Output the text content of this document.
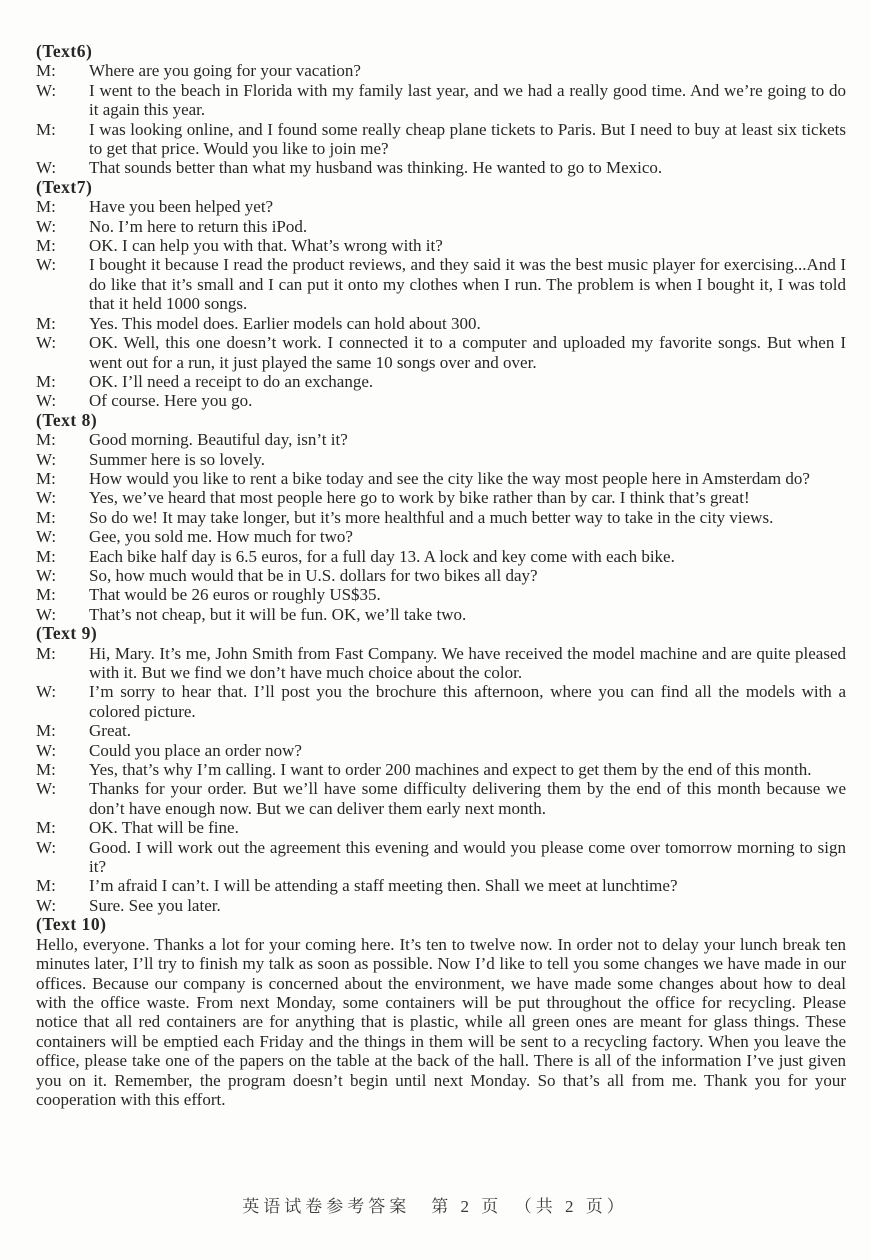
(Text6)
M: Where are you going for your vacation?
W: I went to the beach in Florida with my family last year, and we had a really good time. And we’re going to do it again this year.
M: I was looking online, and I found some really cheap plane tickets to Paris. But I need to buy at least six tickets to get that price. Would you like to join me?
W: That sounds better than what my husband was thinking. He wanted to go to Mexico.
(Text7)
M: Have you been helped yet?
W: No. I’m here to return this iPod.
M: OK. I can help you with that. What’s wrong with it?
W: I bought it because I read the product reviews, and they said it was the best music player for exercising...And I do like that it’s small and I can put it onto my clothes when I run. The problem is when I bought it, I was told that it held 1000 songs.
M: Yes. This model does. Earlier models can hold about 300.
W: OK. Well, this one doesn’t work. I connected it to a computer and uploaded my favorite songs. But when I went out for a run, it just played the same 10 songs over and over.
M: OK. I’ll need a receipt to do an exchange.
W: Of course. Here you go.
(Text 8)
M: Good morning. Beautiful day, isn’t it?
W: Summer here is so lovely.
M: How would you like to rent a bike today and see the city like the way most people here in Amsterdam do?
W: Yes, we’ve heard that most people here go to work by bike rather than by car. I think that’s great!
M: So do we! It may take longer, but it’s more healthful and a much better way to take in the city views.
W: Gee, you sold me. How much for two?
M: Each bike half day is 6.5 euros, for a full day 13. A lock and key come with each bike.
W: So, how much would that be in U.S. dollars for two bikes all day?
M: That would be 26 euros or roughly US$35.
W: That’s not cheap, but it will be fun. OK, we’ll take two.
(Text 9)
M: Hi, Mary. It’s me, John Smith from Fast Company. We have received the model machine and are quite pleased with it. But we find we don’t have much choice about the color.
W: I’m sorry to hear that. I’ll post you the brochure this afternoon, where you can find all the models with a colored picture.
M: Great.
W: Could you place an order now?
M: Yes, that’s why I’m calling. I want to order 200 machines and expect to get them by the end of this month.
W: Thanks for your order. But we’ll have some difficulty delivering them by the end of this month because we don’t have enough now. But we can deliver them early next month.
M: OK. That will be fine.
W: Good. I will work out the agreement this evening and would you please come over tomorrow morning to sign it?
M: I’m afraid I can’t. I will be attending a staff meeting then. Shall we meet at lunchtime?
W: Sure. See you later.
(Text 10)
Hello, everyone. Thanks a lot for your coming here. It’s ten to twelve now. In order not to delay your lunch break ten minutes later, I’ll try to finish my talk as soon as possible. Now I’d like to tell you some changes we have made in our offices. Because our company is concerned about the environment, we have made some changes about how to deal with the office waste. From next Monday, some containers will be put throughout the office for recycling. Please notice that all red containers are for anything that is plastic, while all green ones are meant for glass things. These containers will be emptied each Friday and the things in them will be sent to a recycling factory. When you leave the office, please take one of the papers on the table at the back of the hall. There is all of the information I’ve just given you on it. Remember, the program doesn’t begin until next Monday. So that’s all from me. Thank you for your cooperation with this effort.
英语试卷参考答案　第 2 页　（共 2 页）
